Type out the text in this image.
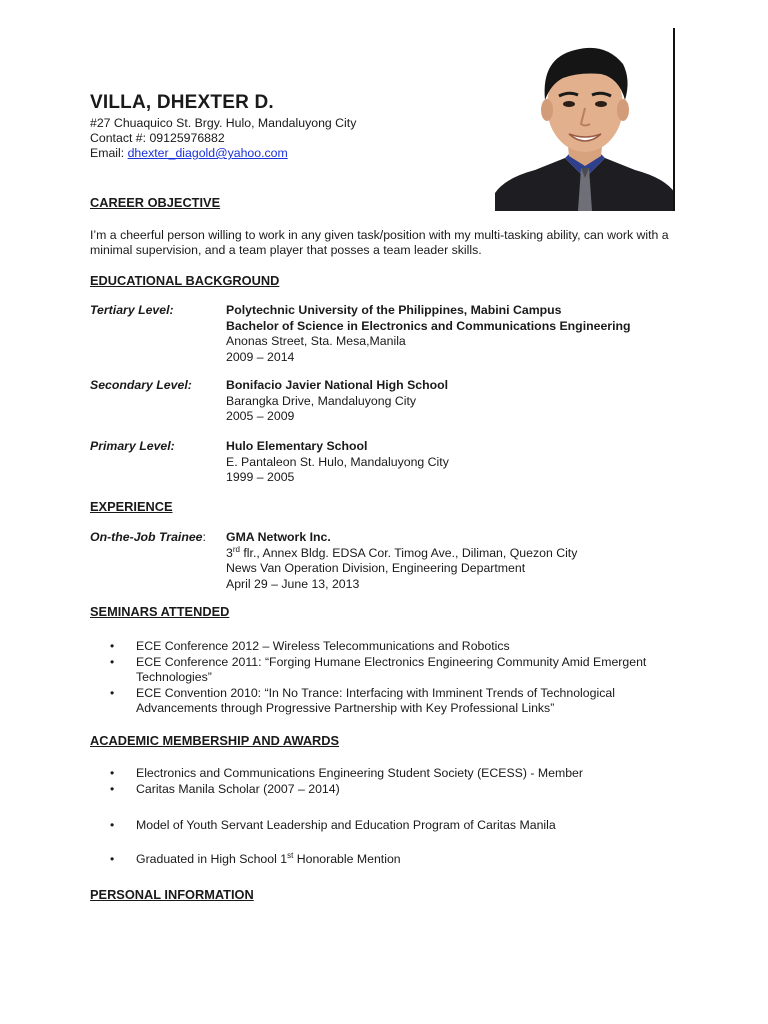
VILLA, DHEXTER D.
#27 Chuaquico St. Brgy. Hulo, Mandaluyong City
Contact #: 09125976882
Email: dhexter_diagold@yahoo.com
CAREER OBJECTIVE
I’m a cheerful person willing to work in any given task/position with my multi-tasking ability, can work with a minimal supervision, and a team player that posses a team leader skills.
EDUCATIONAL BACKGROUND
Tertiary Level:	Polytechnic University of the Philippines, Mabini Campus
Bachelor of Science in Electronics and Communications Engineering
Anonas Street, Sta. Mesa,Manila
2009 – 2014
Secondary Level:	Bonifacio Javier National High School
Barangka Drive, Mandaluyong City
2005 – 2009
Primary Level:	Hulo Elementary School
E. Pantaleon St. Hulo, Mandaluyong City
1999 – 2005
EXPERIENCE
On-the-Job Trainee: GMA Network Inc.
3rd flr., Annex Bldg. EDSA Cor. Timog Ave., Diliman, Quezon City
News Van Operation Division, Engineering Department
April 29 – June 13, 2013
SEMINARS ATTENDED
• ECE Conference 2012 – Wireless Telecommunications and Robotics
• ECE Conference 2011: “Forging Humane Electronics Engineering Community Amid Emergent Technologies”
• ECE Convention 2010: “In No Trance: Interfacing with Imminent Trends of Technological Advancements through Progressive Partnership with Key Professional Links”
ACADEMIC MEMBERSHIP AND AWARDS
• Electronics and Communications Engineering Student Society (ECESS) - Member
• Caritas Manila Scholar (2007 – 2014)
• Model of Youth Servant Leadership and Education Program of Caritas Manila
• Graduated in High School 1st Honorable Mention
PERSONAL INFORMATION
